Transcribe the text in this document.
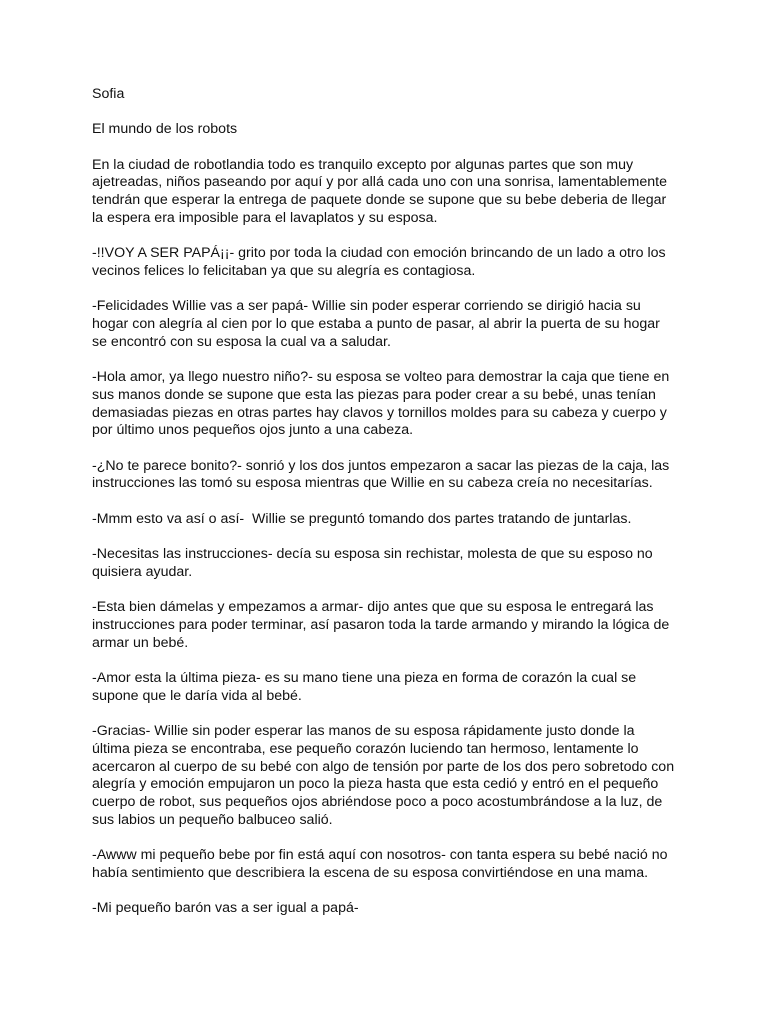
Sofia

El mundo de los robots

En la ciudad de robotlandia todo es tranquilo excepto por algunas partes que son muy
ajetreadas, niños paseando por aquí y por allá cada uno con una sonrisa, lamentablemente
tendrán que esperar la entrega de paquete donde se supone que su bebe deberia de llegar
la espera era imposible para el lavaplatos y su esposa.

-!!VOY A SER PAPÁ¡¡- grito por toda la ciudad con emoción brincando de un lado a otro los
vecinos felices lo felicitaban ya que su alegría es contagiosa.

-Felicidades Willie vas a ser papá- Willie sin poder esperar corriendo se dirigió hacia su
hogar con alegría al cien por lo que estaba a punto de pasar, al abrir la puerta de su hogar
se encontró con su esposa la cual va a saludar.

-Hola amor, ya llego nuestro niño?- su esposa se volteo para demostrar la caja que tiene en
sus manos donde se supone que esta las piezas para poder crear a su bebé, unas tenían
demasiadas piezas en otras partes hay clavos y tornillos moldes para su cabeza y cuerpo y
por último unos pequeños ojos junto a una cabeza.

-¿No te parece bonito?- sonrió y los dos juntos empezaron a sacar las piezas de la caja, las
instrucciones las tomó su esposa mientras que Willie en su cabeza creía no necesitarías.

-Mmm esto va así o así-  Willie se preguntó tomando dos partes tratando de juntarlas.

-Necesitas las instrucciones- decía su esposa sin rechistar, molesta de que su esposo no
quisiera ayudar.

-Esta bien dámelas y empezamos a armar- dijo antes que que su esposa le entregará las
instrucciones para poder terminar, así pasaron toda la tarde armando y mirando la lógica de
armar un bebé.

-Amor esta la última pieza- es su mano tiene una pieza en forma de corazón la cual se
supone que le daría vida al bebé.

-Gracias- Willie sin poder esperar las manos de su esposa rápidamente justo donde la
última pieza se encontraba, ese pequeño corazón luciendo tan hermoso, lentamente lo
acercaron al cuerpo de su bebé con algo de tensión por parte de los dos pero sobretodo con
alegría y emoción empujaron un poco la pieza hasta que esta cedió y entró en el pequeño
cuerpo de robot, sus pequeños ojos abriéndose poco a poco acostumbrándose a la luz, de
sus labios un pequeño balbuceo salió.

-Awww mi pequeño bebe por fin está aquí con nosotros- con tanta espera su bebé nació no
había sentimiento que describiera la escena de su esposa convirtiéndose en una mama.

-Mi pequeño barón vas a ser igual a papá-
